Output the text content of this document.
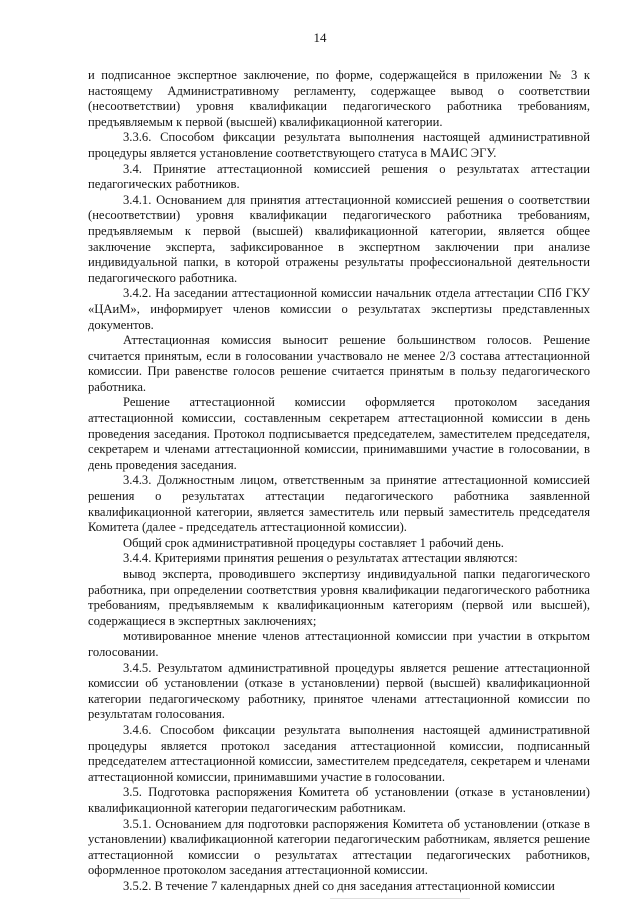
14

и подписанное экспертное заключение, по форме, содержащейся в приложении № 3 к настоящему Административному регламенту, содержащее вывод о соответствии (несоответствии) уровня квалификации педагогического работника требованиям, предъявляемым к первой (высшей) квалификационной категории.

3.3.6. Способом фиксации результата выполнения настоящей административной процедуры является установление соответствующего статуса в МАИС ЭГУ.

3.4. Принятие аттестационной комиссией решения о результатах аттестации педагогических работников.

3.4.1. Основанием для принятия аттестационной комиссией решения о соответствии (несоответствии) уровня квалификации педагогического работника требованиям, предъявляемым к первой (высшей) квалификационной категории, является общее заключение эксперта, зафиксированное в экспертном заключении при анализе индивидуальной папки, в которой отражены результаты профессиональной деятельности педагогического работника.

3.4.2. На заседании аттестационной комиссии начальник отдела аттестации СПб ГКУ «ЦАиМ», информирует членов комиссии о результатах экспертизы представленных документов.

Аттестационная комиссия выносит решение большинством голосов. Решение считается принятым, если в голосовании участвовало не менее 2/3 состава аттестационной комиссии. При равенстве голосов решение считается принятым в пользу педагогического работника.

Решение аттестационной комиссии оформляется протоколом заседания аттестационной комиссии, составленным секретарем аттестационной комиссии в день проведения заседания. Протокол подписывается председателем, заместителем председателя, секретарем и членами аттестационной комиссии, принимавшими участие в голосовании, в день проведения заседания.

3.4.3. Должностным лицом, ответственным за принятие аттестационной комиссией решения о результатах аттестации педагогического работника заявленной квалификационной категории, является заместитель или первый заместитель председателя Комитета (далее - председатель аттестационной комиссии).

Общий срок административной процедуры составляет 1 рабочий день.

3.4.4. Критериями принятия решения о результатах аттестации являются:

вывод эксперта, проводившего экспертизу индивидуальной папки педагогического работника, при определении соответствия уровня квалификации педагогического работника требованиям, предъявляемым к квалификационным категориям (первой или высшей), содержащиеся в экспертных заключениях;

мотивированное мнение членов аттестационной комиссии при участии в открытом голосовании.

3.4.5. Результатом административной процедуры является решение аттестационной комиссии об установлении (отказе в установлении) первой (высшей) квалификационной категории педагогическому работнику, принятое членами аттестационной комиссии по результатам голосования.

3.4.6. Способом фиксации результата выполнения настоящей административной процедуры является протокол заседания аттестационной комиссии, подписанный председателем аттестационной комиссии, заместителем председателя, секретарем и членами аттестационной комиссии, принимавшими участие в голосовании.

3.5. Подготовка распоряжения Комитета об установлении (отказе в установлении) квалификационной категории педагогическим работникам.

3.5.1. Основанием для подготовки распоряжения Комитета об установлении (отказе в установлении) квалификационной категории педагогическим работникам, является решение аттестационной комиссии о результатах аттестации педагогических работников, оформленное протоколом заседания аттестационной комиссии.

3.5.2. В течение 7 календарных дней со дня заседания аттестационной комиссии
